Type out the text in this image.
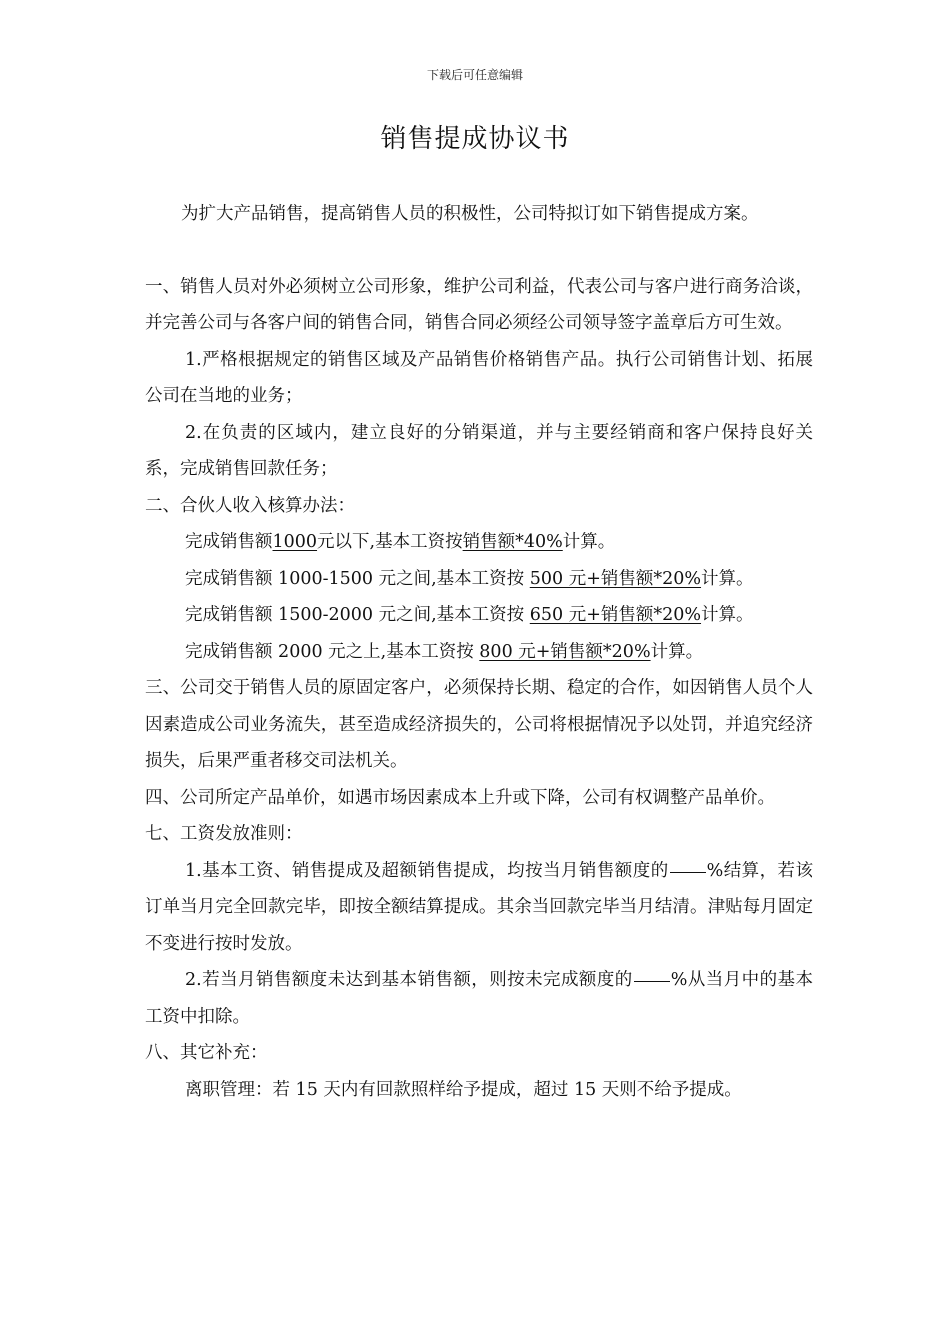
下载后可任意编辑
销售提成协议书

为扩大产品销售，提高销售人员的积极性，公司特拟订如下销售提成方案。

一、销售人员对外必须树立公司形象，维护公司利益，代表公司与客户进行商务洽谈，并完善公司与各客户间的销售合同，销售合同必须经公司领导签字盖章后方可生效。

1.严格根据规定的销售区域及产品销售价格销售产品。执行公司销售计划、拓展公司在当地的业务；

2.在负责的区域内，建立良好的分销渠道，并与主要经销商和客户保持良好关系，完成销售回款任务；

二、合伙人收入核算办法：

完成销售额1000元以下,基本工资按销售额*40%计算。

完成销售额 1000-1500 元之间,基本工资按 500 元+销售额*20%计算。

完成销售额 1500-2000 元之间,基本工资按 650 元+销售额*20%计算。

完成销售额 2000 元之上,基本工资按 800 元+销售额*20%计算。

三、公司交于销售人员的原固定客户，必须保持长期、稳定的合作，如因销售人员个人因素造成公司业务流失，甚至造成经济损失的，公司将根据情况予以处罚，并追究经济损失，后果严重者移交司法机关。

四、公司所定产品单价，如遇市场因素成本上升或下降，公司有权调整产品单价。

七、工资发放准则：

1.基本工资、销售提成及超额销售提成，均按当月销售额度的 %结算，若该订单当月完全回款完毕，即按全额结算提成。其余当回款完毕当月结清。津贴每月固定不变进行按时发放。

2.若当月销售额度未达到基本销售额，则按未完成额度的 %从当月中的基本工资中扣除。

八、其它补充：

离职管理：若 15 天内有回款照样给予提成，超过 15 天则不给予提成。
